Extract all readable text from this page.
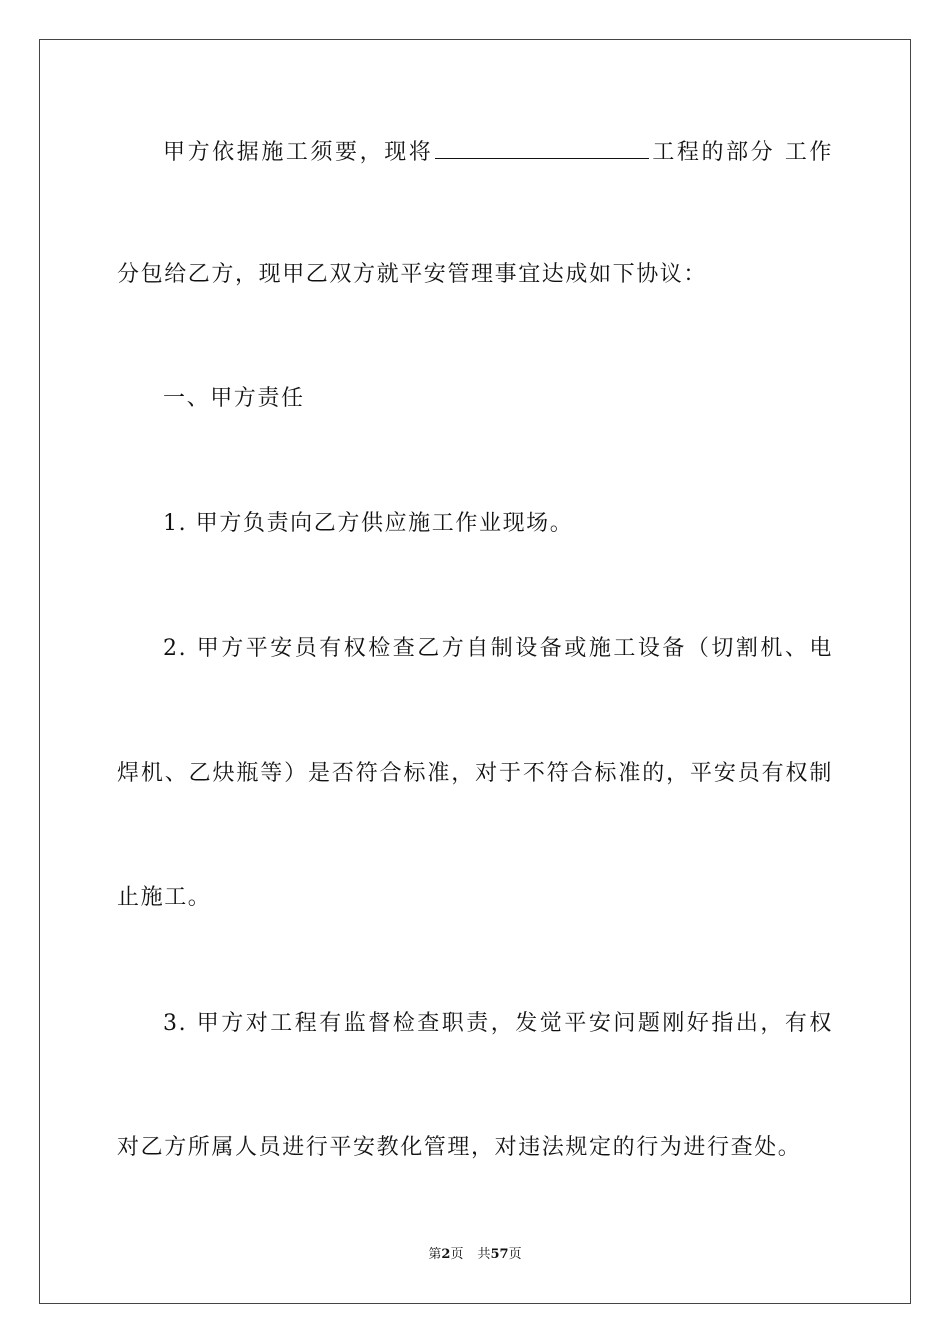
甲方依据施工须要，现将	工程的部分 工作
分包给乙方，现甲乙双方就平安管理事宜达成如下协议：
一、甲方责任
1. 甲方负责向乙方供应施工作业现场。
2. 甲方平安员有权检查乙方自制设备或施工设备（切割机、电
焊机、乙炔瓶等）是否符合标准，对于不符合标准的，平安员有权制
止施工。
3. 甲方对工程有监督检查职责，发觉平安问题刚好指出，有权
对乙方所属人员进行平安教化管理，对违法规定的行为进行查处。
第2页 共57页
